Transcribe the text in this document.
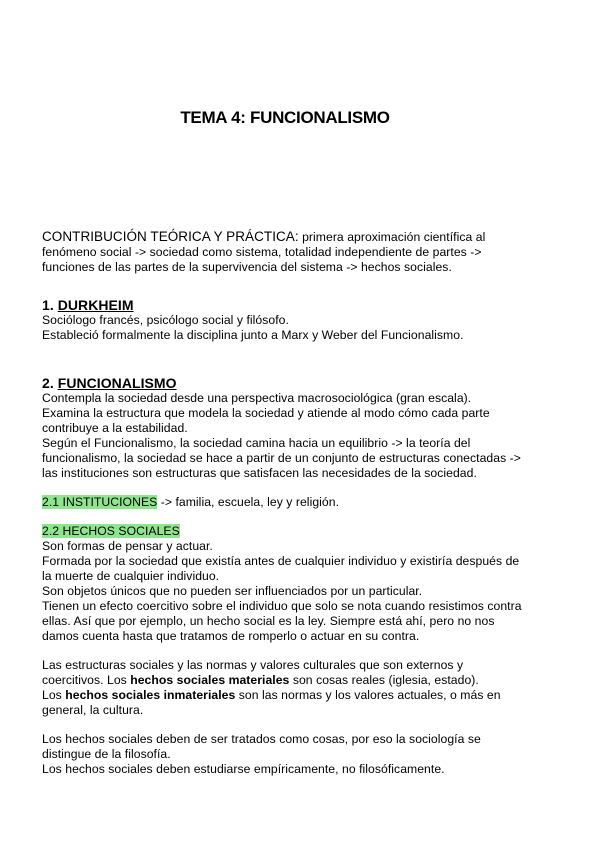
TEMA 4: FUNCIONALISMO

CONTRIBUCIÓN TEÓRICA Y PRÁCTICA: primera aproximación científica al

fenómeno social -> sociedad como sistema, totalidad independiente de partes ->

funciones de las partes de la supervivencia del sistema -> hechos sociales.

1. DURKHEIM

Sociólogo francés, psicólogo social y filósofo.

Estableció formalmente la disciplina junto a Marx y Weber del Funcionalismo.

2. FUNCIONALISMO

Contempla la sociedad desde una perspectiva macrosociológica (gran escala).

Examina la estructura que modela la sociedad y atiende al modo cómo cada parte

contribuye a la estabilidad.

Según el Funcionalismo, la sociedad camina hacia un equilibrio -> la teoría del

funcionalismo, la sociedad se hace a partir de un conjunto de estructuras conectadas ->

las instituciones son estructuras que satisfacen las necesidades de la sociedad.

2.1 INSTITUCIONES -> familia, escuela, ley y religión.

2.2 HECHOS SOCIALES

Son formas de pensar y actuar.

Formada por la sociedad que existía antes de cualquier individuo y existiría después de

la muerte de cualquier individuo.

Son objetos únicos que no pueden ser influenciados por un particular.

Tienen un efecto coercitivo sobre el individuo que solo se nota cuando resistimos contra

ellas. Así que por ejemplo, un hecho social es la ley. Siempre está ahí, pero no nos

damos cuenta hasta que tratamos de romperlo o actuar en su contra.

Las estructuras sociales y las normas y valores culturales que son externos y

coercitivos. Los hechos sociales materiales son cosas reales (iglesia, estado).

Los hechos sociales inmateriales son las normas y los valores actuales, o más en

general, la cultura.

Los hechos sociales deben de ser tratados como cosas, por eso la sociología se

distingue de la filosofía.

Los hechos sociales deben estudiarse empíricamente, no filosóficamente.
